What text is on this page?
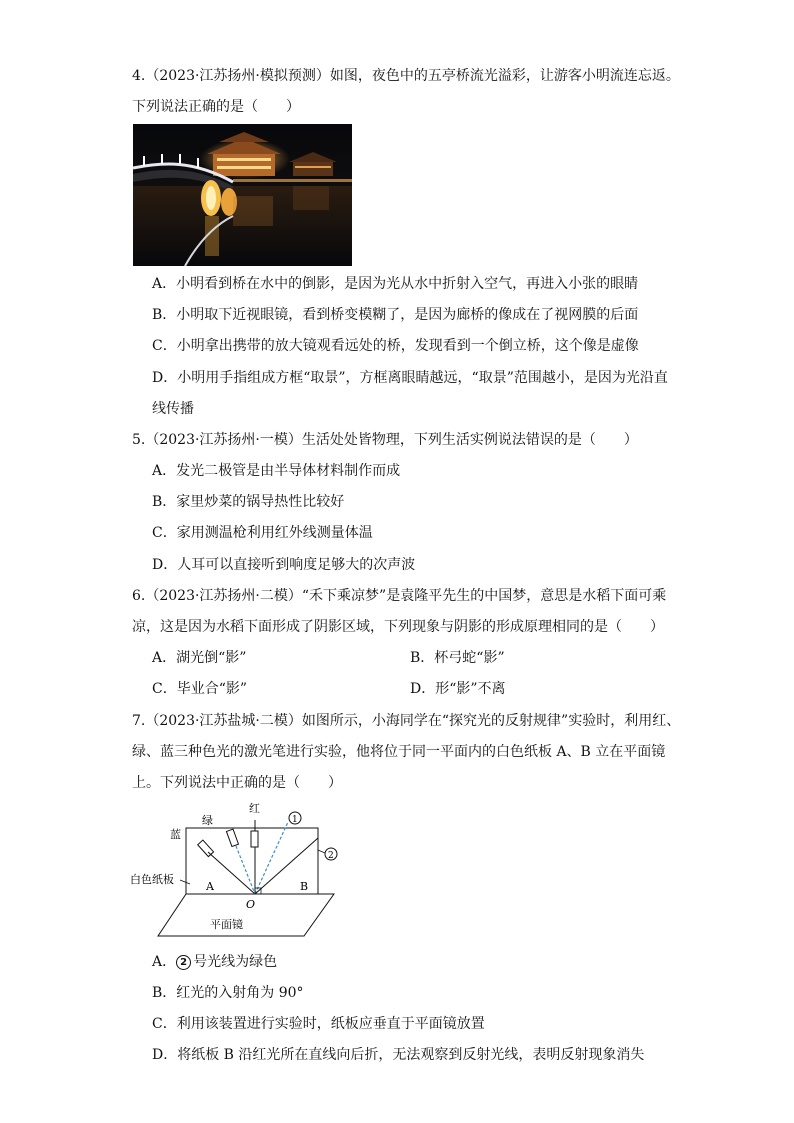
4.（2023·江苏扬州·模拟预测）如图，夜色中的五亭桥流光溢彩，让游客小明流连忘返。
下列说法正确的是（　　）
A．小明看到桥在水中的倒影，是因为光从水中折射入空气，再进入小张的眼睛
B．小明取下近视眼镜，看到桥变模糊了，是因为廊桥的像成在了视网膜的后面
C．小明拿出携带的放大镜观看远处的桥，发现看到一个倒立桥，这个像是虚像
D．小明用手指组成方框“取景”，方框离眼睛越远，“取景”范围越小，是因为光沿直
线传播
5.（2023·江苏扬州·一模）生活处处皆物理，下列生活实例说法错误的是（　　）
A．发光二极管是由半导体材料制作而成
B．家里炒菜的锅导热性比较好
C．家用测温枪利用红外线测量体温
D．人耳可以直接听到响度足够大的次声波
6.（2023·江苏扬州·二模）“禾下乘凉梦”是袁隆平先生的中国梦，意思是水稻下面可乘
凉，这是因为水稻下面形成了阴影区域，下列现象与阴影的形成原理相同的是（　　）
A．湖光倒“影”	B．杯弓蛇“影”
C．毕业合“影”	D．形“影”不离
7.（2023·江苏盐城·二模）如图所示，小海同学在“探究光的反射规律”实验时，利用红、
绿、蓝三种色光的激光笔进行实验，他将位于同一平面内的白色纸板 A、B 立在平面镜
上。下列说法中正确的是（　　）
红
绿
蓝
1
2
白色纸板
A	B
O
平面镜
A． 2 号光线为绿色
B．红光的入射角为 90°
C．利用该装置进行实验时，纸板应垂直于平面镜放置
D．将纸板 B 沿红光所在直线向后折，无法观察到反射光线，表明反射现象消失
